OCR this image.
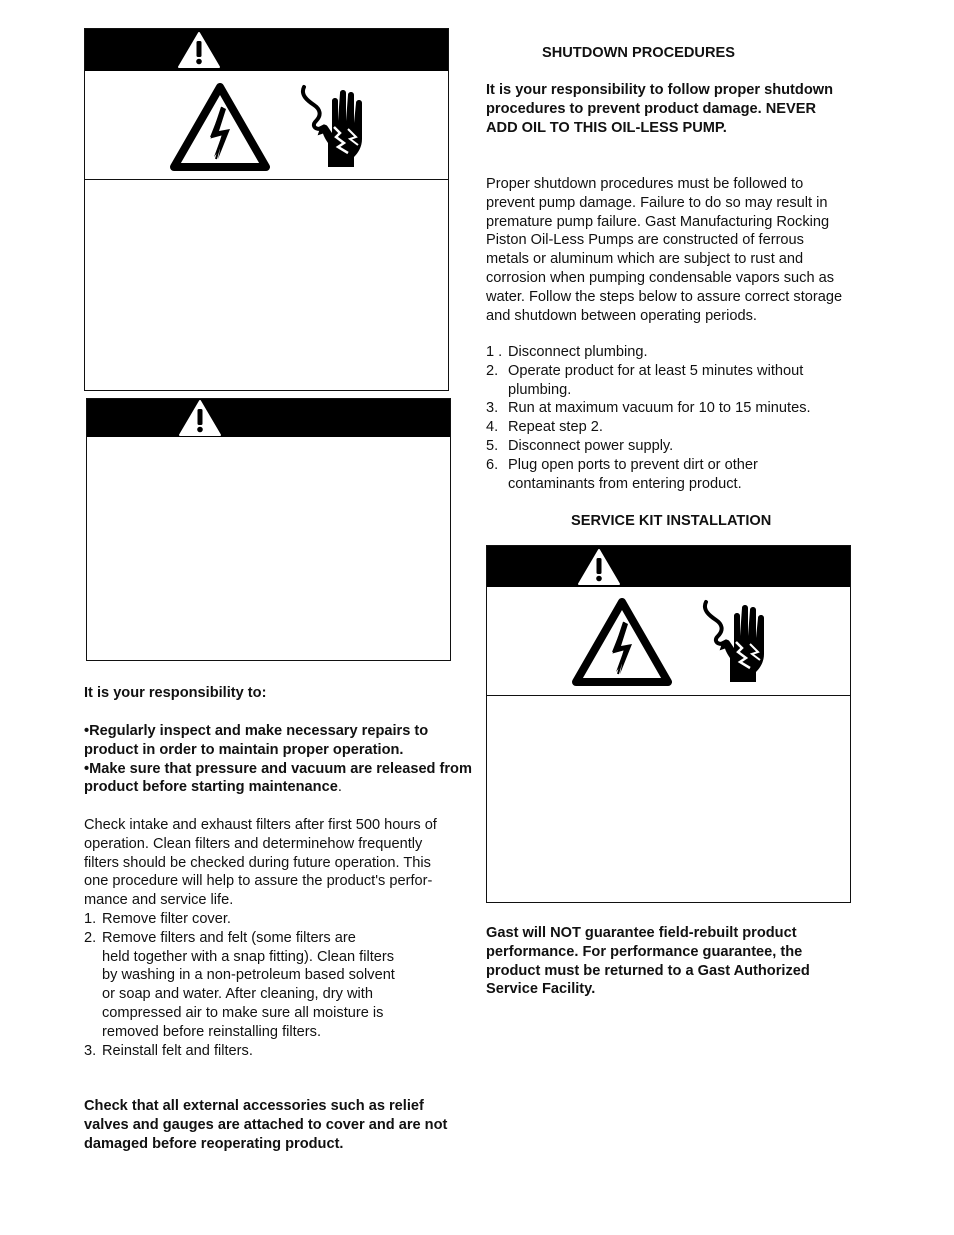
It is your responsibility to:

•Regularly inspect and make necessary repairs to product in order to maintain proper operation.

•Make sure that pressure and vacuum are released from product before starting maintenance.

Check intake and exhaust filters after first 500 hours of

operation. Clean filters and determinehow frequently

filters should be checked during future operation. This

one procedure will help to assure the product's perfor-

mance and service life.

1. Remove filter cover.
2. Remove filters and felt (some filters are

held together with a snap fitting). Clean filters

by washing in a non-petroleum based solvent

or soap and water. After cleaning, dry with

compressed air to make sure all moisture is

removed before reinstalling filters.

3. Reinstall felt and filters.

Check that all external accessories such as relief

valves and gauges are attached to cover and are not

damaged before reoperating product.

SHUTDOWN PROCEDURES

It is your responsibility to follow proper shutdown

procedures to prevent product damage. NEVER

ADD OIL TO THIS OIL-LESS PUMP.

Proper shutdown procedures must be followed to

prevent pump damage. Failure to do so may result in

premature pump failure. Gast Manufacturing Rocking

Piston Oil-Less Pumps are constructed of ferrous

metals or aluminum which are subject to rust and

corrosion when pumping condensable vapors such as

water. Follow the steps below to assure correct storage

and shutdown between operating periods.

1 . Disconnect plumbing.
2. Operate product for at least 5 minutes without

plumbing.

3. Run at maximum vacuum for 10 to 15 minutes.
4. Repeat step 2.
5. Disconnect power supply.
6. Plug open ports to prevent dirt or other

contaminants from entering product.

SERVICE KIT INSTALLATION

Gast will NOT guarantee field-rebuilt product

performance. For performance guarantee, the

product must be returned to a Gast Authorized

Service Facility.
